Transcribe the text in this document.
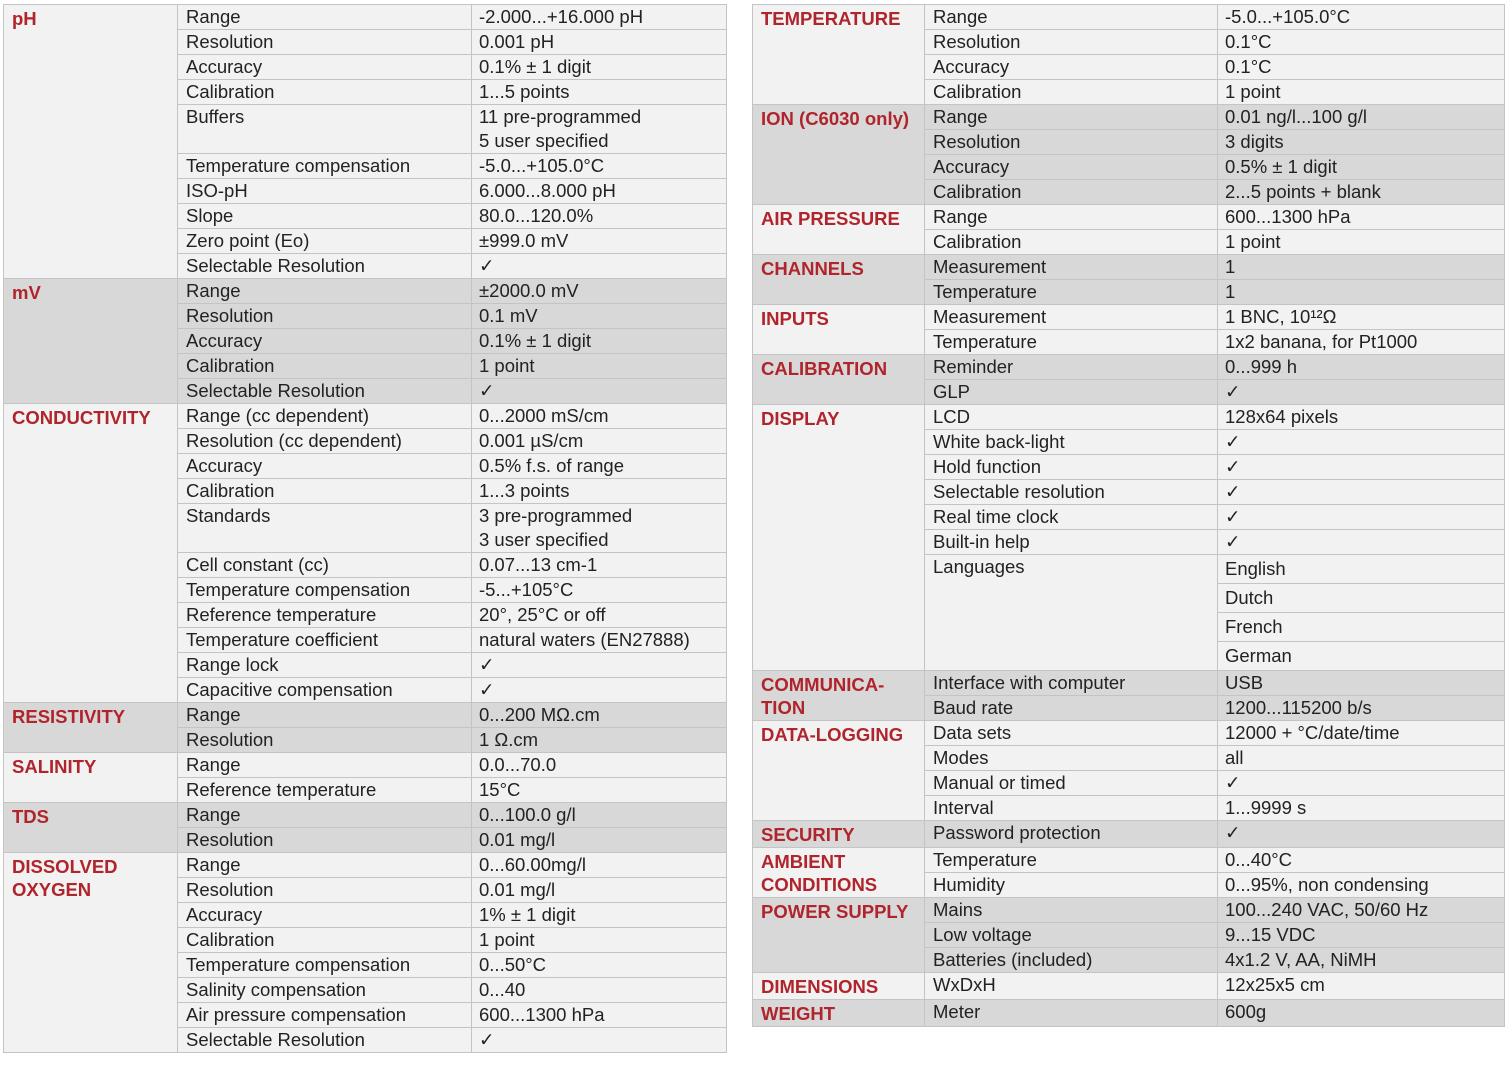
pH	Range	-2.000...+16.000 pH
	Resolution	0.001 pH
	Accuracy	0.1% ± 1 digit
	Calibration	1...5 points
	Buffers	11 pre-programmed
5 user specified
	Temperature compensation	-5.0...+105.0°C
	ISO-pH	6.000...8.000 pH
	Slope	80.0...120.0%
	Zero point (Eo)	±999.0 mV
	Selectable Resolution	✓
mV	Range	±2000.0 mV
	Resolution	0.1 mV
	Accuracy	0.1% ± 1 digit
	Calibration	1 point
	Selectable Resolution	✓
CONDUCTIVITY	Range (cc dependent)	0...2000 mS/cm
	Resolution (cc dependent)	0.001 µS/cm
	Accuracy	0.5% f.s. of range
	Calibration	1...3 points
	Standards	3 pre-programmed
3 user specified
	Cell constant (cc)	0.07...13 cm-1
	Temperature compensation	-5...+105°C
	Reference temperature	20°, 25°C or off
	Temperature coefficient	natural waters (EN27888)
	Range lock	✓
	Capacitive compensation	✓
RESISTIVITY	Range	0...200 MΩ.cm
	Resolution	1 Ω.cm
SALINITY	Range	0.0...70.0
	Reference temperature	15°C
TDS	Range	0...100.0 g/l
	Resolution	0.01 mg/l
DISSOLVED OXYGEN	Range	0...60.00mg/l
	Resolution	0.01 mg/l
	Accuracy	1% ± 1 digit
	Calibration	1 point
	Temperature compensation	0...50°C
	Salinity compensation	0...40
	Air pressure compensation	600...1300 hPa
	Selectable Resolution	✓
TEMPERATURE	Range	-5.0...+105.0°C
	Resolution	0.1°C
	Accuracy	0.1°C
	Calibration	1 point
ION (C6030 only)	Range	0.01 ng/l...100 g/l
	Resolution	3 digits
	Accuracy	0.5% ± 1 digit
	Calibration	2...5 points + blank
AIR PRESSURE	Range	600...1300 hPa
	Calibration	1 point
CHANNELS	Measurement	1
	Temperature	1
INPUTS	Measurement	1 BNC, 10¹²Ω
	Temperature	1x2 banana, for Pt1000
CALIBRATION	Reminder	0...999 h
	GLP	✓
DISPLAY	LCD	128x64 pixels
	White back-light	✓
	Hold function	✓
	Selectable resolution	✓
	Real time clock	✓
	Built-in help	✓
	Languages	English
		Dutch
		French
		German
COMMUNICA-
TION	Interface with computer	USB
	Baud rate	1200...115200 b/s
DATA-LOGGING	Data sets	12000 + °C/date/time
	Modes	all
	Manual or timed	✓
	Interval	1...9999 s
SECURITY	Password protection	✓
AMBIENT CONDITIONS	Temperature	0...40°C
	Humidity	0...95%, non condensing
POWER SUPPLY	Mains	100...240 VAC, 50/60 Hz
	Low voltage	9...15 VDC
	Batteries (included)	4x1.2 V, AA, NiMH
DIMENSIONS	WxDxH	12x25x5 cm
WEIGHT	Meter	600g
